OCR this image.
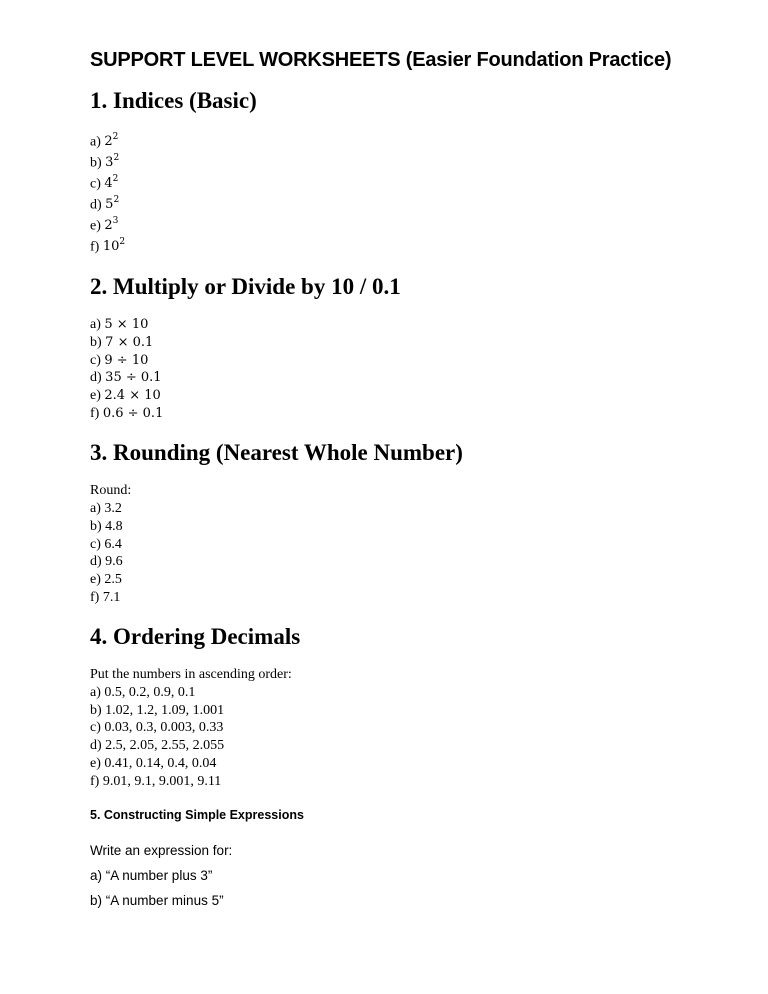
SUPPORT LEVEL WORKSHEETS (Easier Foundation Practice)
1. Indices (Basic)
a) $2^2$
b) $3^2$
c) $4^2$
d) $5^2$
e) $2^3$
f) $10^2$
2. Multiply or Divide by 10 / 0.1
a) 5 × 10
b) 7 × 0.1
c) 9 ÷ 10
d) 35 ÷ 0.1
e) 2.4 × 10
f) 0.6 ÷ 0.1
3. Rounding (Nearest Whole Number)
Round:
a) 3.2
b) 4.8
c) 6.4
d) 9.6
e) 2.5
f) 7.1
4. Ordering Decimals
Put the numbers in ascending order:
a) 0.5, 0.2, 0.9, 0.1
b) 1.02, 1.2, 1.09, 1.001
c) 0.03, 0.3, 0.003, 0.33
d) 2.5, 2.05, 2.55, 2.055
e) 0.41, 0.14, 0.4, 0.04
f) 9.01, 9.1, 9.001, 9.11
5. Constructing Simple Expressions
Write an expression for:
a) “A number plus 3”
b) “A number minus 5”
